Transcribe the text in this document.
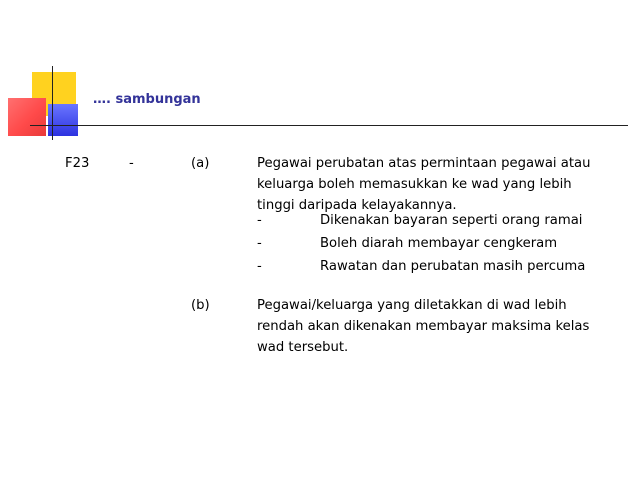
…. sambungan
F23	-	(a)	Pegawai perubatan atas permintaan pegawai atau
keluarga boleh memasukkan ke wad yang lebih
tinggi daripada kelayakannya.
-	Dikenakan bayaran seperti orang ramai
-	Boleh diarah membayar cengkeram
-	Rawatan dan perubatan masih percuma
(b)	Pegawai/keluarga yang diletakkan di wad lebih
rendah akan dikenakan membayar maksima kelas
wad tersebut.
